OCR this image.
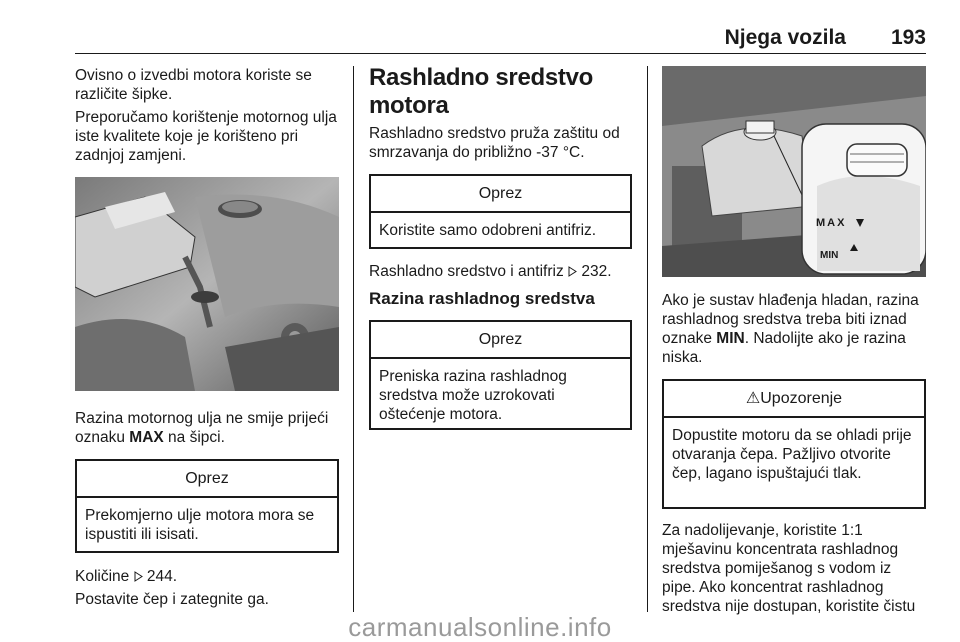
Njega vozila 193

Ovisno o izvedbi motora koriste se različite šipke.

Preporučamo korištenje motornog ulja iste kvalitete koje je korišteno pri zadnjoj zamjeni.

Razina motornog ulja ne smije prijeći oznaku MAX na šipci.

Oprez
Prekomjerno ulje motora mora se ispustiti ili isisati.

Količine 244.

Postavite čep i zategnite ga.

Rashladno sredstvo motora

Rashladno sredstvo pruža zaštitu od smrzavanja do približno -37 °C.

Oprez
Koristite samo odobreni antifriz.

Rashladno sredstvo i antifriz 232.

Razina rashladnog sredstva
Oprez
Preniska razina rashladnog sredstva može uzrokovati oštećenje motora.
MAX
MIN

Ako je sustav hlađenja hladan, razina rashladnog sredstva treba biti iznad oznake MIN. Nadolijte ako je razina niska.

⚠Upozorenje
Dopustite motoru da se ohladi prije otvaranja čepa. Pažljivo otvorite čep, lagano ispuštajući tlak.

Za nadolijevanje, koristite 1:1 mješavinu koncentrata rashladnog sredstva pomiješanog s vodom iz pipe. Ako koncentrat rashladnog sredstva nije dostupan, koristite čistu

carmanualsonline.info
